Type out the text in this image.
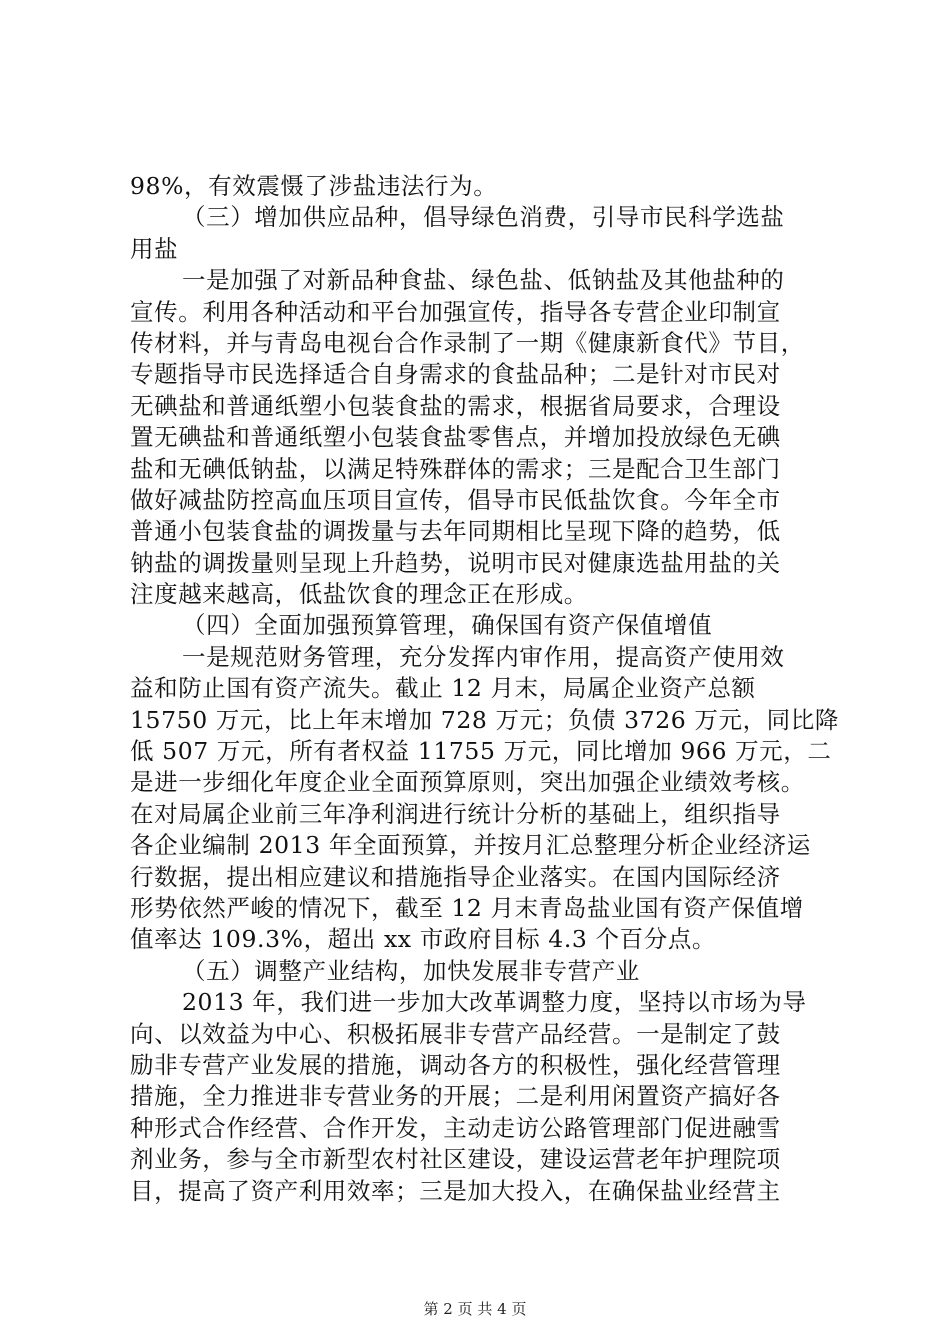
98%，有效震慑了涉盐违法行为。
（三）增加供应品种，倡导绿色消费，引导市民科学选盐
用盐
一是加强了对新品种食盐、绿色盐、低钠盐及其他盐种的
宣传。利用各种活动和平台加强宣传，指导各专营企业印制宣
传材料，并与青岛电视台合作录制了一期《健康新食代》节目，
专题指导市民选择适合自身需求的食盐品种；二是针对市民对
无碘盐和普通纸塑小包装食盐的需求，根据省局要求，合理设
置无碘盐和普通纸塑小包装食盐零售点，并增加投放绿色无碘
盐和无碘低钠盐，以满足特殊群体的需求；三是配合卫生部门
做好减盐防控高血压项目宣传，倡导市民低盐饮食。今年全市
普通小包装食盐的调拨量与去年同期相比呈现下降的趋势，低
钠盐的调拨量则呈现上升趋势，说明市民对健康选盐用盐的关
注度越来越高，低盐饮食的理念正在形成。
（四）全面加强预算管理，确保国有资产保值增值
一是规范财务管理，充分发挥内审作用，提高资产使用效
益和防止国有资产流失。截止 12 月末，局属企业资产总额
15750 万元，比上年末增加 728 万元；负债 3726 万元，同比降
低 507 万元，所有者权益 11755 万元，同比增加 966 万元，二
是进一步细化年度企业全面预算原则，突出加强企业绩效考核。
在对局属企业前三年净利润进行统计分析的基础上，组织指导
各企业编制 2013 年全面预算，并按月汇总整理分析企业经济运
行数据，提出相应建议和措施指导企业落实。在国内国际经济
形势依然严峻的情况下，截至 12 月末青岛盐业国有资产保值增
值率达 109.3%，超出 xx 市政府目标 4.3 个百分点。
（五）调整产业结构，加快发展非专营产业
2013 年，我们进一步加大改革调整力度，坚持以市场为导
向、以效益为中心、积极拓展非专营产品经营。一是制定了鼓
励非专营产业发展的措施，调动各方的积极性，强化经营管理
措施，全力推进非专营业务的开展；二是利用闲置资产搞好各
种形式合作经营、合作开发，主动走访公路管理部门促进融雪
剂业务，参与全市新型农村社区建设，建设运营老年护理院项
目，提高了资产利用效率；三是加大投入，在确保盐业经营主
第 2 页 共 4 页
